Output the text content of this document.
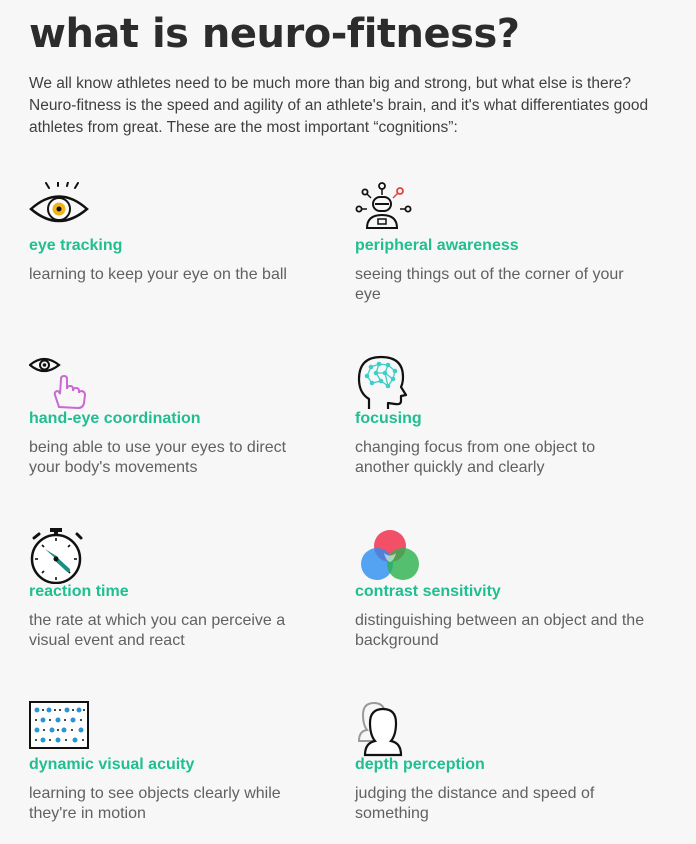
what is neuro-fitness?

We all know athletes need to be much more than big and strong, but what else is there? Neuro-fitness is the speed and agility of an athlete's brain, and it's what differentiates good athletes from great. These are the most important “cognitions”:

eye tracking
learning to keep your eye on the ball
peripheral awareness
seeing things out of the corner of your eye
hand-eye coordination
being able to use your eyes to direct your body's movements
focusing
changing focus from one object to another quickly and clearly
reaction time
the rate at which you can perceive a visual event and react
contrast sensitivity
distinguishing between an object and the background
dynamic visual acuity
learning to see objects clearly while they're in motion
depth perception
judging the distance and speed of something
